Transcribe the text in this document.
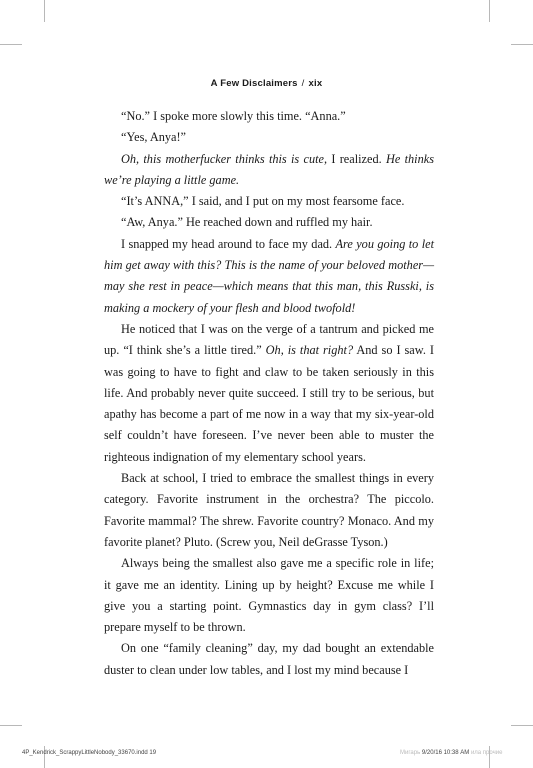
A Few Disclaimers / xix

“No.” I spoke more slowly this time. “Anna.”

“Yes, Anya!”

Oh, this motherfucker thinks this is cute, I realized. He thinks we’re playing a little game.

“It’s ANNA,” I said, and I put on my most fearsome face.

“Aw, Anya.” He reached down and ruffled my hair.

I snapped my head around to face my dad. Are you going to let him get away with this? This is the name of your beloved mother—may she rest in peace—which means that this man, this Russki, is making a mockery of your flesh and blood twofold!

He noticed that I was on the verge of a tantrum and picked me up. “I think she’s a little tired.” Oh, is that right? And so I saw. I was going to have to fight and claw to be taken seriously in this life. And probably never quite succeed. I still try to be serious, but apathy has become a part of me now in a way that my six-year-old self couldn’t have foreseen. I’ve never been able to muster the righteous indignation of my elementary school years.

Back at school, I tried to embrace the smallest things in every category. Favorite instrument in the orchestra? The piccolo. Favorite mammal? The shrew. Favorite country? Monaco. And my favorite planet? Pluto. (Screw you, Neil deGrasse Tyson.)

Always being the smallest also gave me a specific role in life; it gave me an identity. Lining up by height? Excuse me while I give you a starting point. Gymnastics day in gym class? I’ll prepare myself to be thrown.

On one “family cleaning” day, my dad bought an extendable duster to clean under low tables, and I lost my mind because I

4P_Kendrick_ScrappyLittleNobody_33670.indd 19	Мигарь 9/20/16 10:38 AM ила прочие
